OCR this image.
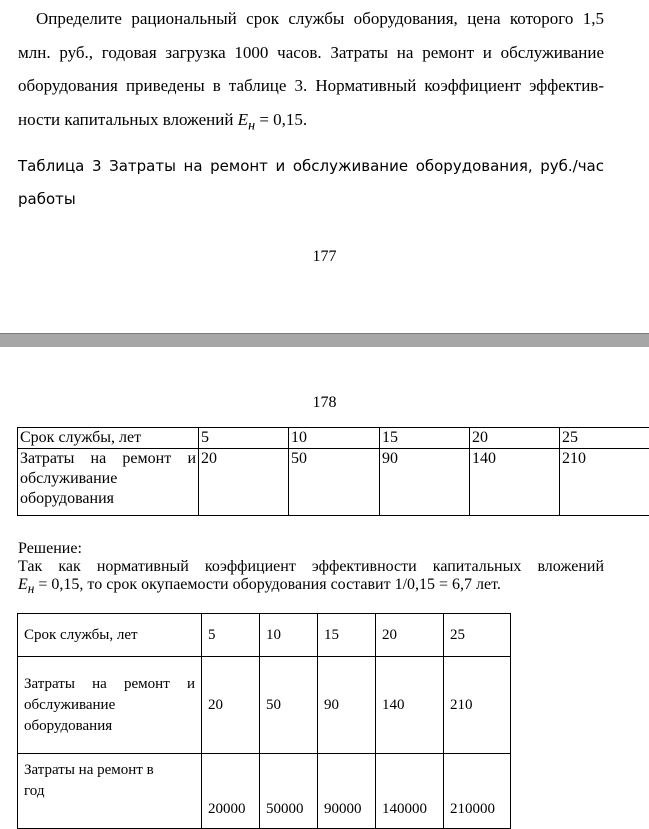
Определите рациональный срок службы оборудования, цена которого 1,5
млн. руб., годовая загрузка 1000 часов. Затраты на ремонт и обслуживание
оборудования приведены в таблице 3. Нормативный коэффициент эффектив-
ности капитальных вложений $Е_н = 0,15$.
Таблица 3 Затраты на ремонт и обслуживание оборудования, руб./час
работы
177
178
Срок службы, лет	5	10	15	20	25

Затраты на ремонт и
обслуживание
оборудования	20	50	90	140	210
Решение:
Так как нормативный коэффициент эффективности капитальных вложений
$Е_н = 0,15$, то срок окупаемости оборудования составит 1/0,15 = 6,7 лет.
Срок службы, лет	5	10	15	20	25

Затраты на ремонт и
обслуживание
оборудования	20	50	90	140	210

Затраты на ремонт в
год	20000	50000	90000	140000	210000
